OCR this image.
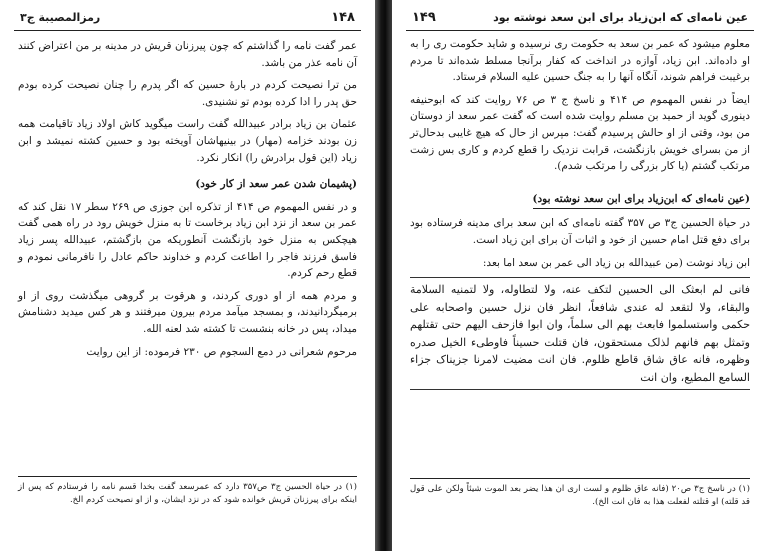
۱۴۸
رمزالمصیبة ج۳

عمر گفت نامه را گذاشتم که چون پیرزنان قریش در مدینه بر من اعتراض کنند آن نامه عذر من باشد.

من ترا نصیحت کردم در بارهٔ حسین که اگر پدرم را چنان نصیحت کرده بودم حق پدر را ادا کرده بودم تو نشنیدی.

عثمان بن زیاد برادر عبیدالله گفت راست میگوید کاش اولاد زیاد تاقیامت همه زن بودند خزامه (مهار) در بینیهاشان آویخته بود و حسین کشته نمیشد و ابن زیاد (این قول برادرش را) انکار نکرد.

(پشیمان شدن عمر سعد از کار خود)

و در نفس المهموم ص ۴۱۴ از تذکره ابن جوزی ص ۲۶۹ سطر ۱۷ نقل کند که عمر بن سعد از نزد ابن زیاد برخاست تا به منزل خویش رود در راه همی گفت هیچکس به منزل خود بازنگشت آنطوریکه من بازگشتم، عبیدالله پسر زیاد فاسق فرزند فاجر را اطاعت کردم و خداوند حاکم عادل را نافرمانی نمودم و قطع رحم کردم.

و مردم همه از او دوری کردند، و هرقوت بر گروهی میگذشت روی از او برمیگردانیدند، و بمسجد میآمد مردم بیرون میرفتند و هر کس میدید دشنامش میداد، پس در خانه بنشست تا کشته شد لعنه الله.

مرحوم شعرانی در دمع السجوم ص ۲۳۰ فرموده: از این روایت

(۱) در حیاة الحسین ج۳ ص۳۵۷ دارد که عمرسعد گفت بخدا قسم نامه را فرستادم که پس از اینکه برای پیرزنان قریش خوانده شود که در نزد ایشان، و از او نصیحت کردم الخ.
۱۴۹	عین نامه‌ای که ابن‌زیاد برای ابن سعد نوشته بود

معلوم میشود که عمر بن سعد به حکومت ری نرسیده و شاید حکومت ری را به او داده‌اند. ابن زیاد، آوازه در انداخت که کفار برآنجا مسلط شده‌اند تا مردم برغیبت فراهم شوند، آنگاه آنها را به جنگ حسین علیه السلام فرستاد.

ایضاً در نفس المهموم ص ۴۱۴ و ناسخ ج ۳ ص ۷۶ روایت کند که ابوحنیفه دینوری گوید از حمید بن مسلم روایت شده است که گفت عمر سعد از دوستان من بود، وقتی از او حالش پرسیدم گفت: مپرس از حال که هیچ غایبی بدحال‌تر از من بسرای خویش بازنگشت، قرابت نزدیک را قطع کردم و کاری بس زشت مرتکب گشتم (یا کار بزرگی را مرتکب شدم).

(عین نامه‌ای که ابن‌زیاد برای ابن سعد نوشته بود)

در حیاة الحسین ج۳ ص ۳۵۷ گفته نامه‌ای که ابن سعد برای مدینه فرستاده بود برای دفع قتل امام حسین از خود و اثبات آن برای ابن زیاد است.

ابن زیاد نوشت (من عبیدالله بن زیاد الی عمر بن سعد اما بعد:

فانی لم ابعثک الی الحسین لتکف عنه، ولا لتطاوله، ولا لتمنیه السلامة والبقاء، ولا لتقعد له عندی شافعاً، انظر فان نزل حسین واصحابه علی حکمی واستسلموا فابعث بهم الی سلماً، وان ابوا فازحف الیهم حتی تقتلهم وتمثل بهم فانهم لذلک مستحقون، فان قتلت حسیناً فاوطیء الخیل صدره وظهره، فانه عاق شاق قاطع ظلوم. فان انت مضیت لامرنا جزیناک جزاء السامع المطیع، وان انت
(۱) در ناسخ ج۳ ص۲۰ (فانه عاق ظلوم و لست اری ان هذا یضر بعد الموت شیئاً ولکن علی قول قد قلته) او قتلته لفعلت هذا به فان انت الخ).
